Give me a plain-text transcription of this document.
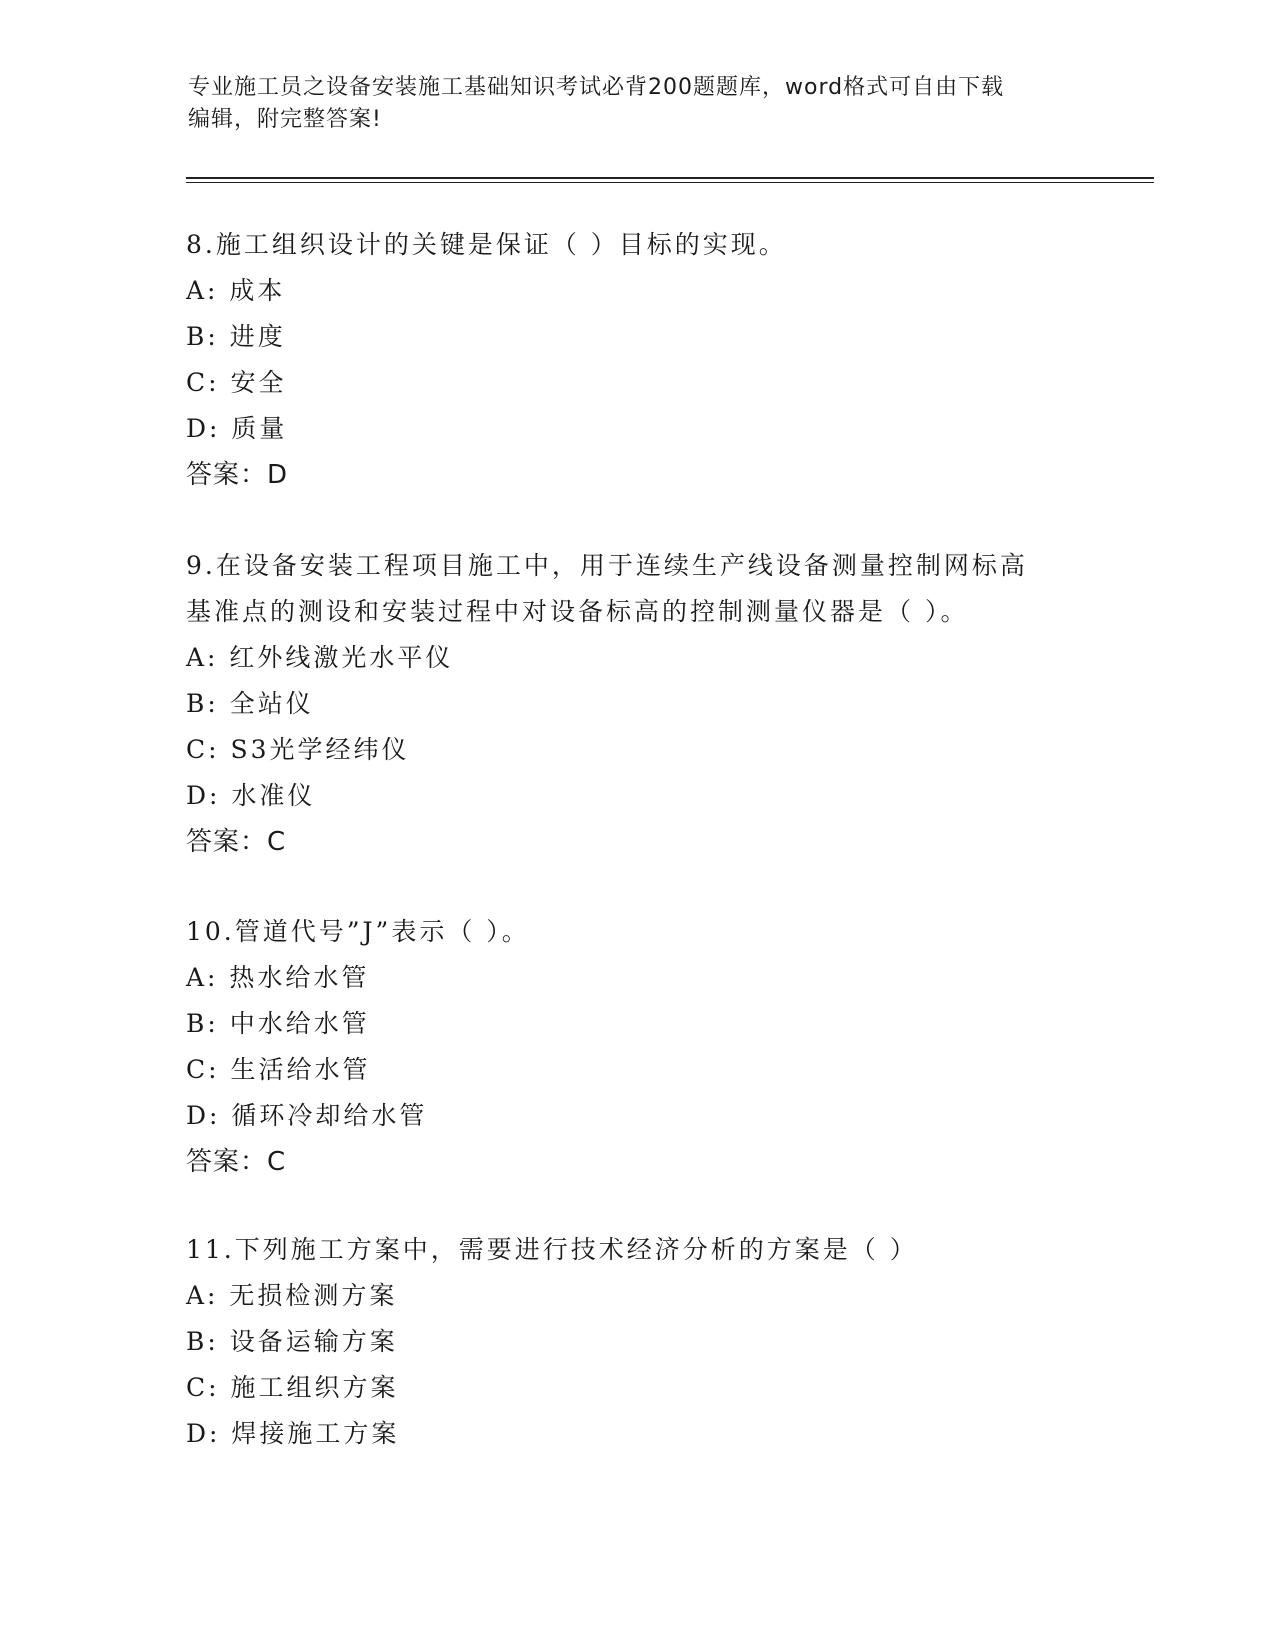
专业施工员之设备安装施工基础知识考试必背200题题库，word格式可自由下载
编辑，附完整答案!

8.施工组织设计的关键是保证（ ）目标的实现。

A: 成本

B: 进度

C: 安全

D: 质量

答案：D

9.在设备安装工程项目施工中，用于连续生产线设备测量控制网标高

基准点的测设和安装过程中对设备标高的控制测量仪器是（ ）。

A: 红外线激光水平仪

B: 全站仪

C: S3光学经纬仪

D: 水准仪

答案：C

10.管道代号”J”表示（ ）。

A: 热水给水管

B: 中水给水管

C: 生活给水管

D: 循环冷却给水管

答案：C

11.下列施工方案中，需要进行技术经济分析的方案是（ ）

A: 无损检测方案

B: 设备运输方案

C: 施工组织方案

D: 焊接施工方案
